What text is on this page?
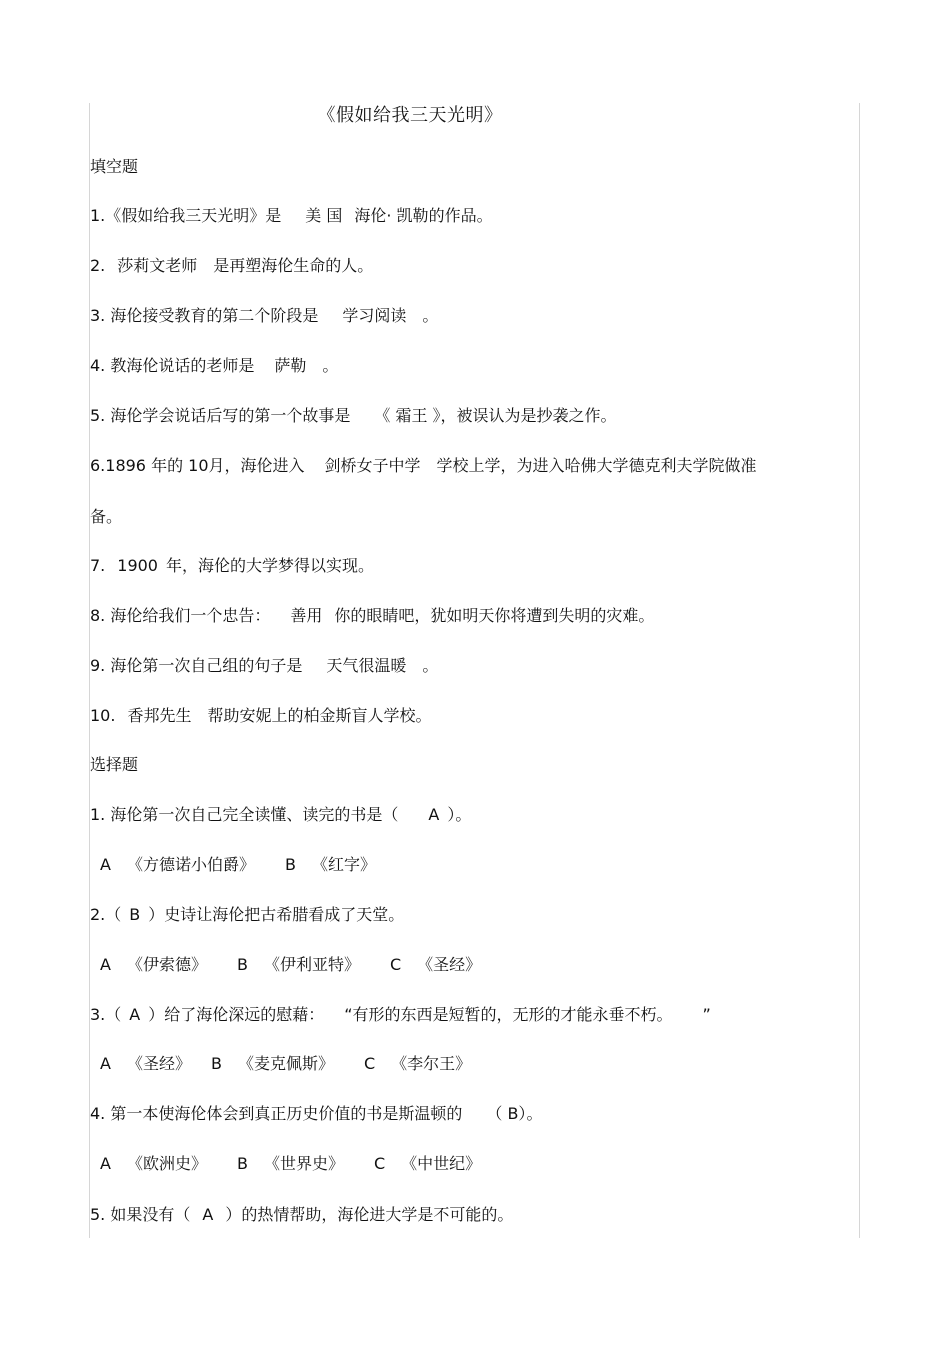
《假如给我三天光明》
填空题
1.《假如给我三天光明》是 美 国 海伦· 凯勒的作品。
2. 莎莉文老师 是再塑海伦生命的人。
3. 海伦接受教育的第二个阶段是 学习阅读 。
4. 教海伦说话的老师是 萨勒 。
5. 海伦学会说话后写的第一个故事是 《 霜王 》，被误认为是抄袭之作。
6.1896 年的 10月，海伦进入 剑桥女子中学 学校上学，为进入哈佛大学德克利夫学院做准
备。
7. 1900 年，海伦的大学梦得以实现。
8. 海伦给我们一个忠告： 善用 你的眼睛吧，犹如明天你将遭到失明的灾难。
9. 海伦第一次自己组的句子是 天气很温暖 。
10. 香邦先生 帮助安妮上的柏金斯盲人学校。
选择题
1. 海伦第一次自己完全读懂、读完的书是（ A ）。
A 《方德诺小伯爵》 B 《红字》
2.（ B ）史诗让海伦把古希腊看成了天堂。
A 《伊索德》 B 《伊利亚特》 C 《圣经》
3.（ A ）给了海伦深远的慰藉： “有形的东西是短暂的，无形的才能永垂不朽。 ”
A 《圣经》 B 《麦克佩斯》 C 《李尔王》
4. 第一本使海伦体会到真正历史价值的书是斯温顿的 （ B）。
A 《欧洲史》 B 《世界史》 C 《中世纪》
5. 如果没有（ A ）的热情帮助，海伦进大学是不可能的。
